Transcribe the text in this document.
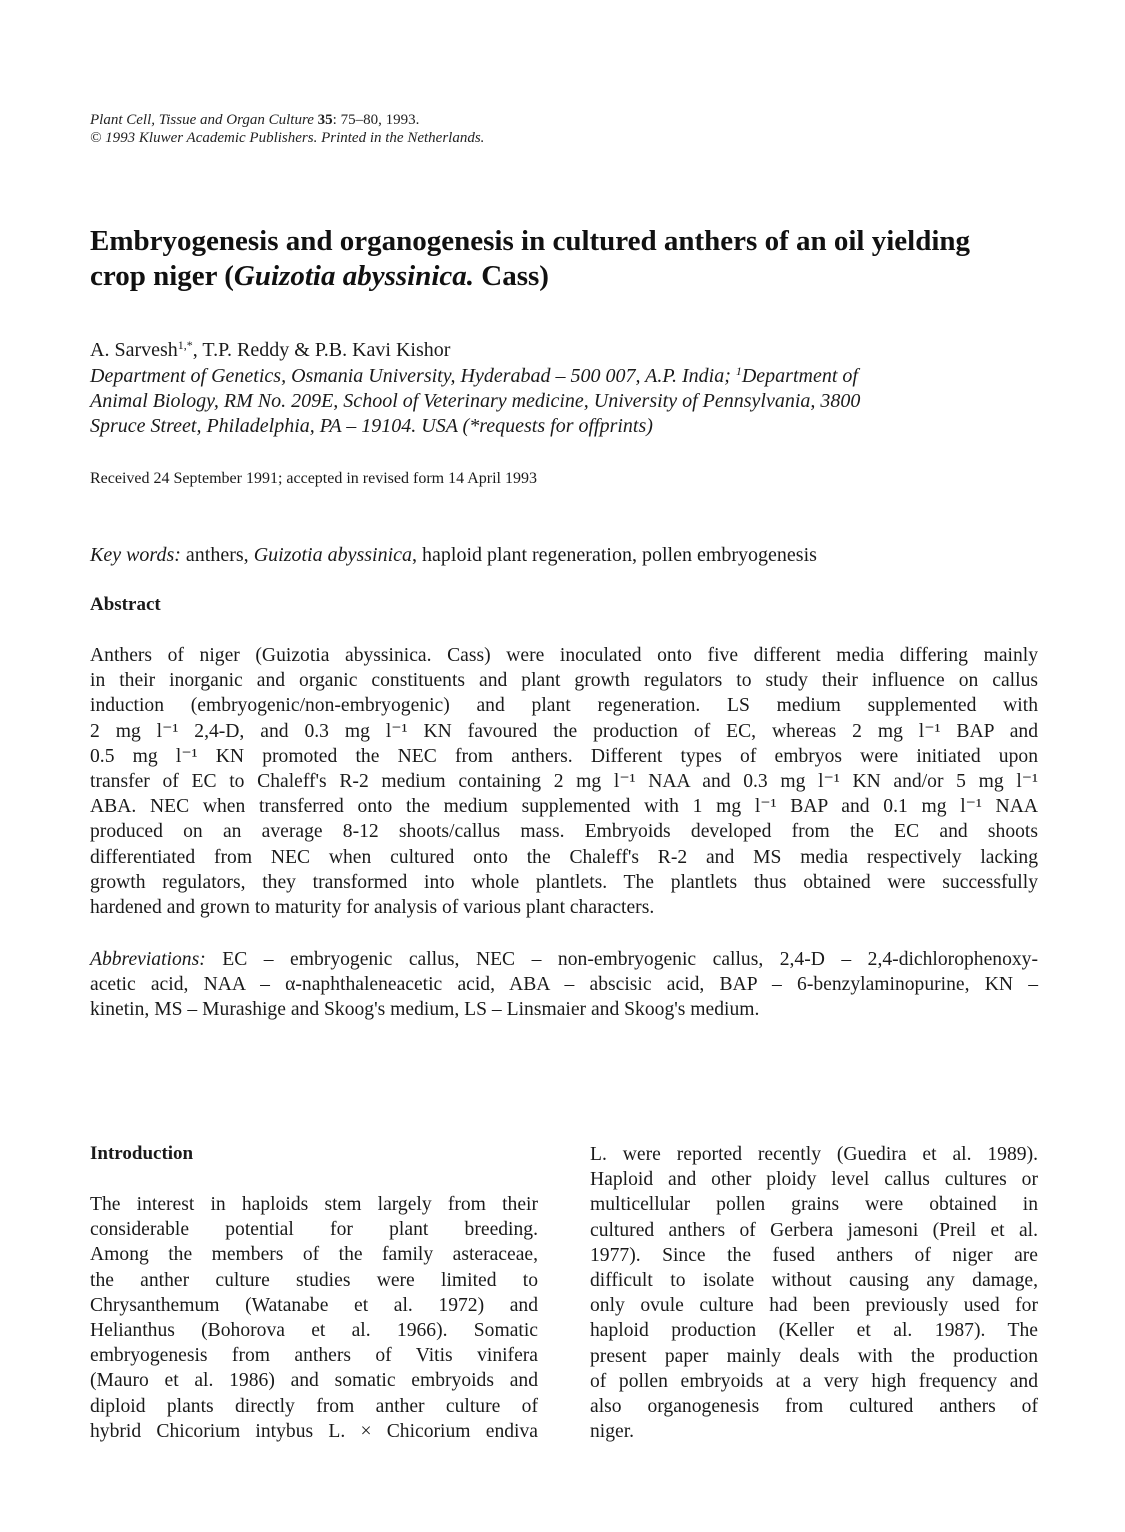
Plant Cell, Tissue and Organ Culture 35: 75–80, 1993.
© 1993 Kluwer Academic Publishers. Printed in the Netherlands.
Embryogenesis and organogenesis in cultured anthers of an oil yielding
crop niger (Guizotia abyssinica. Cass)
A. Sarvesh$^{1,*}$, T.P. Reddy & P.B. Kavi Kishor
Department of Genetics, Osmania University, Hyderabad – 500 007, A.P. India; $^1$Department of
Animal Biology, RM No. 209E, School of Veterinary medicine, University of Pennsylvania, 3800
Spruce Street, Philadelphia, PA – 19104. USA (*requests for offprints)
Received 24 September 1991; accepted in revised form 14 April 1993
Key words: anthers, Guizotia abyssinica, haploid plant regeneration, pollen embryogenesis
Abstract
Anthers of niger (Guizotia abyssinica. Cass) were inoculated onto five different media differing mainly
in their inorganic and organic constituents and plant growth regulators to study their influence on callus
induction (embryogenic/non-embryogenic) and plant regeneration. LS medium supplemented with
2 mg l⁻¹ 2,4-D, and 0.3 mg l⁻¹ KN favoured the production of EC, whereas 2 mg l⁻¹ BAP and
0.5 mg l⁻¹ KN promoted the NEC from anthers. Different types of embryos were initiated upon
transfer of EC to Chaleff's R-2 medium containing 2 mg l⁻¹ NAA and 0.3 mg l⁻¹ KN and/or 5 mg l⁻¹
ABA. NEC when transferred onto the medium supplemented with 1 mg l⁻¹ BAP and 0.1 mg l⁻¹ NAA
produced on an average 8-12 shoots/callus mass. Embryoids developed from the EC and shoots
differentiated from NEC when cultured onto the Chaleff's R-2 and MS media respectively lacking
growth regulators, they transformed into whole plantlets. The plantlets thus obtained were successfully
hardened and grown to maturity for analysis of various plant characters.
Abbreviations: EC – embryogenic callus, NEC – non-embryogenic callus, 2,4-D – 2,4-dichlorophenoxy-
acetic acid, NAA – α-naphthaleneacetic acid, ABA – abscisic acid, BAP – 6-benzylaminopurine, KN –
kinetin, MS – Murashige and Skoog's medium, LS – Linsmaier and Skoog's medium.
Introduction
The interest in haploids stem largely from their
considerable potential for plant breeding.
Among the members of the family asteraceae,
the anther culture studies were limited to
Chrysanthemum (Watanabe et al. 1972) and
Helianthus (Bohorova et al. 1966). Somatic
embryogenesis from anthers of Vitis vinifera
(Mauro et al. 1986) and somatic embryoids and
diploid plants directly from anther culture of
hybrid Chicorium intybus L. × Chicorium endiva
L. were reported recently (Guedira et al. 1989).
Haploid and other ploidy level callus cultures or
multicellular pollen grains were obtained in
cultured anthers of Gerbera jamesoni (Preil et al.
1977). Since the fused anthers of niger are
difficult to isolate without causing any damage,
only ovule culture had been previously used for
haploid production (Keller et al. 1987). The
present paper mainly deals with the production
of pollen embryoids at a very high frequency and
also organogenesis from cultured anthers of
niger.
